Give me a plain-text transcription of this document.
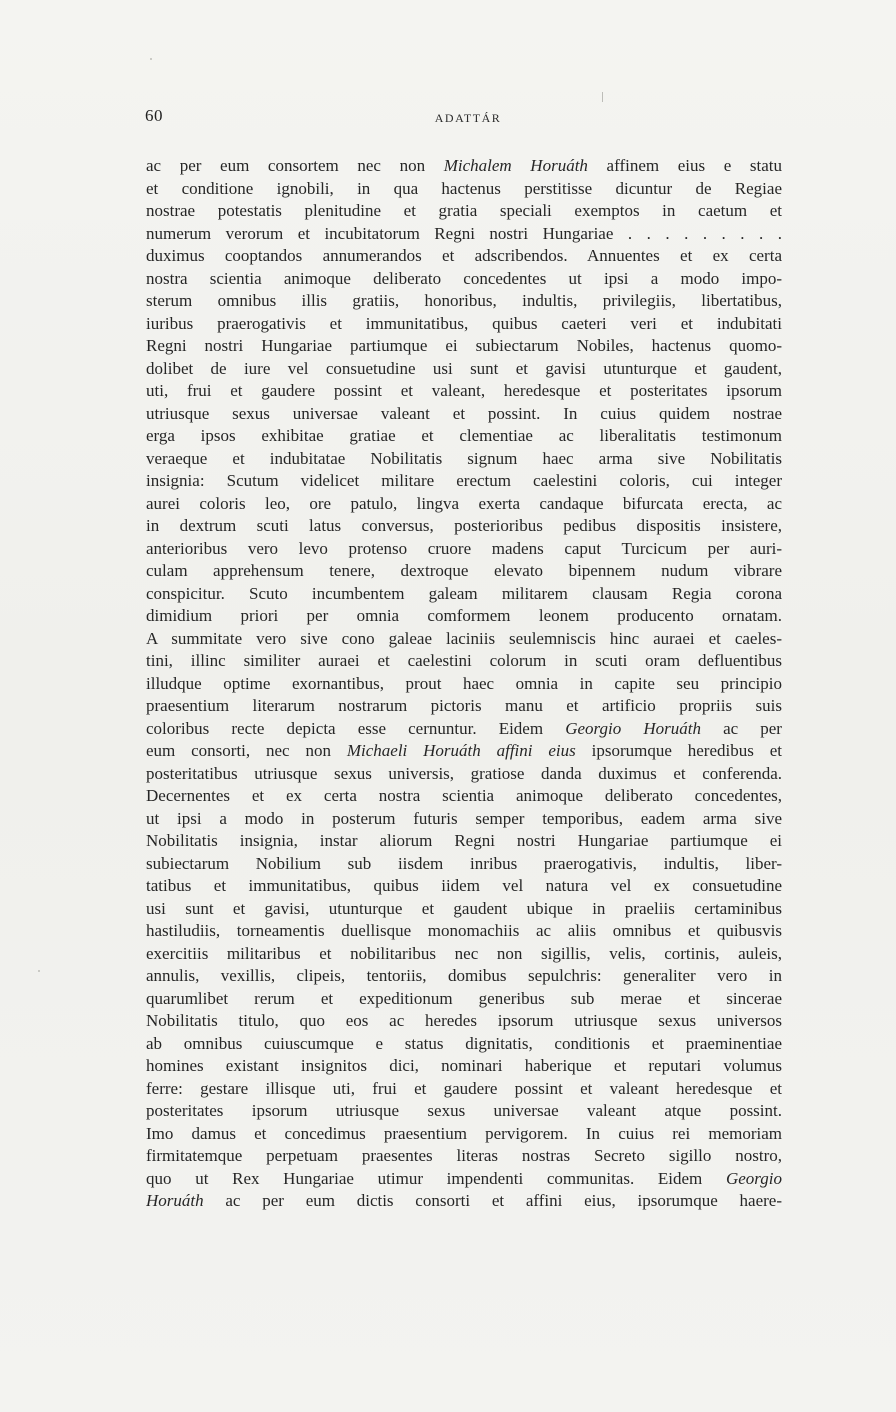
60	ADATTÁR
ac per eum consortem nec non Michalem Horuáth affinem eius e statu
et conditione ignobili, in qua hactenus perstitisse dicuntur de Regiae
nostrae potestatis plenitudine et gratia speciali exemptos in caetum et
numerum verorum et incubitatorum Regni nostri Hungariae . . . . . . . . .
duximus cooptandos annumerandos et adscribendos. Annuentes et ex certa
nostra scientia animoque deliberato concedentes ut ipsi a modo impo-
sterum omnibus illis gratiis, honoribus, indultis, privilegiis, libertatibus,
iuribus praerogativis et immunitatibus, quibus caeteri veri et indubitati
Regni nostri Hungariae partiumque ei subiectarum Nobiles, hactenus quomo-
dolibet de iure vel consuetudine usi sunt et gavisi utunturque et gaudent,
uti, frui et gaudere possint et valeant, heredesque et posteritates ipsorum
utriusque sexus universae valeant et possint. In cuius quidem nostrae
erga ipsos exhibitae gratiae et clementiae ac liberalitatis testimonum
veraeque et indubitatae Nobilitatis signum haec arma sive Nobilitatis
insignia: Scutum videlicet militare erectum caelestini coloris, cui integer
aurei coloris leo, ore patulo, lingva exerta candaque bifurcata erecta, ac
in dextrum scuti latus conversus, posterioribus pedibus dispositis insistere,
anterioribus vero levo protenso cruore madens caput Turcicum per auri-
culam apprehensum tenere, dextroque elevato bipennem nudum vibrare
conspicitur. Scuto incumbentem galeam militarem clausam Regia corona
dimidium priori per omnia comformem leonem producento ornatam.
A summitate vero sive cono galeae laciniis seulemniscis hinc auraei et caeles-
tini, illinc similiter auraei et caelestini colorum in scuti oram defluentibus
illudque optime exornantibus, prout haec omnia in capite seu principio
praesentium literarum nostrarum pictoris manu et artificio propriis suis
coloribus recte depicta esse cernuntur. Eidem Georgio Horuáth ac per
eum consorti, nec non Michaeli Horuáth affini eius ipsorumque heredibus et
posteritatibus utriusque sexus universis, gratiose danda duximus et conferenda.
Decernentes et ex certa nostra scientia animoque deliberato concedentes,
ut ipsi a modo in posterum futuris semper temporibus, eadem arma sive
Nobilitatis insignia, instar aliorum Regni nostri Hungariae partiumque ei
subiectarum Nobilium sub iisdem inribus praerogativis, indultis, liber-
tatibus et immunitatibus, quibus iidem vel natura vel ex consuetudine
usi sunt et gavisi, utunturque et gaudent ubique in praeliis certaminibus
hastiludiis, torneamentis duellisque monomachiis ac aliis omnibus et quibusvis
exercitiis militaribus et nobilitaribus nec non sigillis, velis, cortinis, auleis,
annulis, vexillis, clipeis, tentoriis, domibus sepulchris: generaliter vero in
quarumlibet rerum et expeditionum generibus sub merae et sincerae
Nobilitatis titulo, quo eos ac heredes ipsorum utriusque sexus universos
ab omnibus cuiuscumque e status dignitatis, conditionis et praeminentiae
homines existant insignitos dici, nominari haberique et reputari volumus
ferre: gestare illisque uti, frui et gaudere possint et valeant heredesque et
posteritates ipsorum utriusque sexus universae valeant atque possint.
Imo damus et concedimus praesentium pervigorem. In cuius rei memoriam
firmitatemque perpetuam praesentes literas nostras Secreto sigillo nostro,
quo ut Rex Hungariae utimur impendenti communitas. Eidem Georgio
Horuáth ac per eum dictis consorti et affini eius, ipsorumque haere-
